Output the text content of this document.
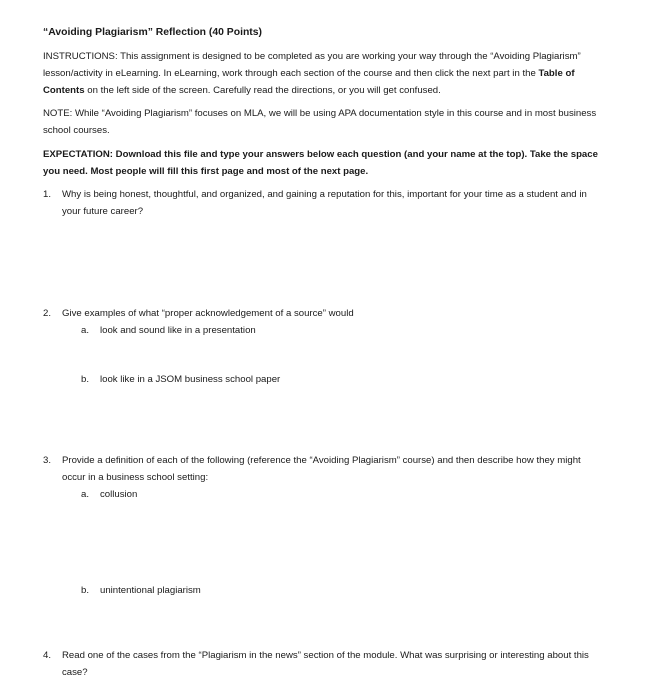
“Avoiding Plagiarism” Reflection (40 Points)
INSTRUCTIONS: This assignment is designed to be completed as you are working your way through the “Avoiding Plagiarism” lesson/activity in eLearning. In eLearning, work through each section of the course and then click the next part in the Table of Contents on the left side of the screen. Carefully read the directions, or you will get confused.
NOTE: While “Avoiding Plagiarism” focuses on MLA, we will be using APA documentation style in this course and in most business school courses.
EXPECTATION: Download this file and type your answers below each question (and your name at the top). Take the space you need. Most people will fill this first page and most of the next page.
1. Why is being honest, thoughtful, and organized, and gaining a reputation for this, important for your time as a student and in your future career?
2. Give examples of what “proper acknowledgement of a source” would
a. look and sound like in a presentation
b. look like in a JSOM business school paper
3. Provide a definition of each of the following (reference the “Avoiding Plagiarism” course) and then describe how they might occur in a business school setting:
a. collusion
b. unintentional plagiarism
4. Read one of the cases from the “Plagiarism in the news” section of the module. What was surprising or interesting about this case?
